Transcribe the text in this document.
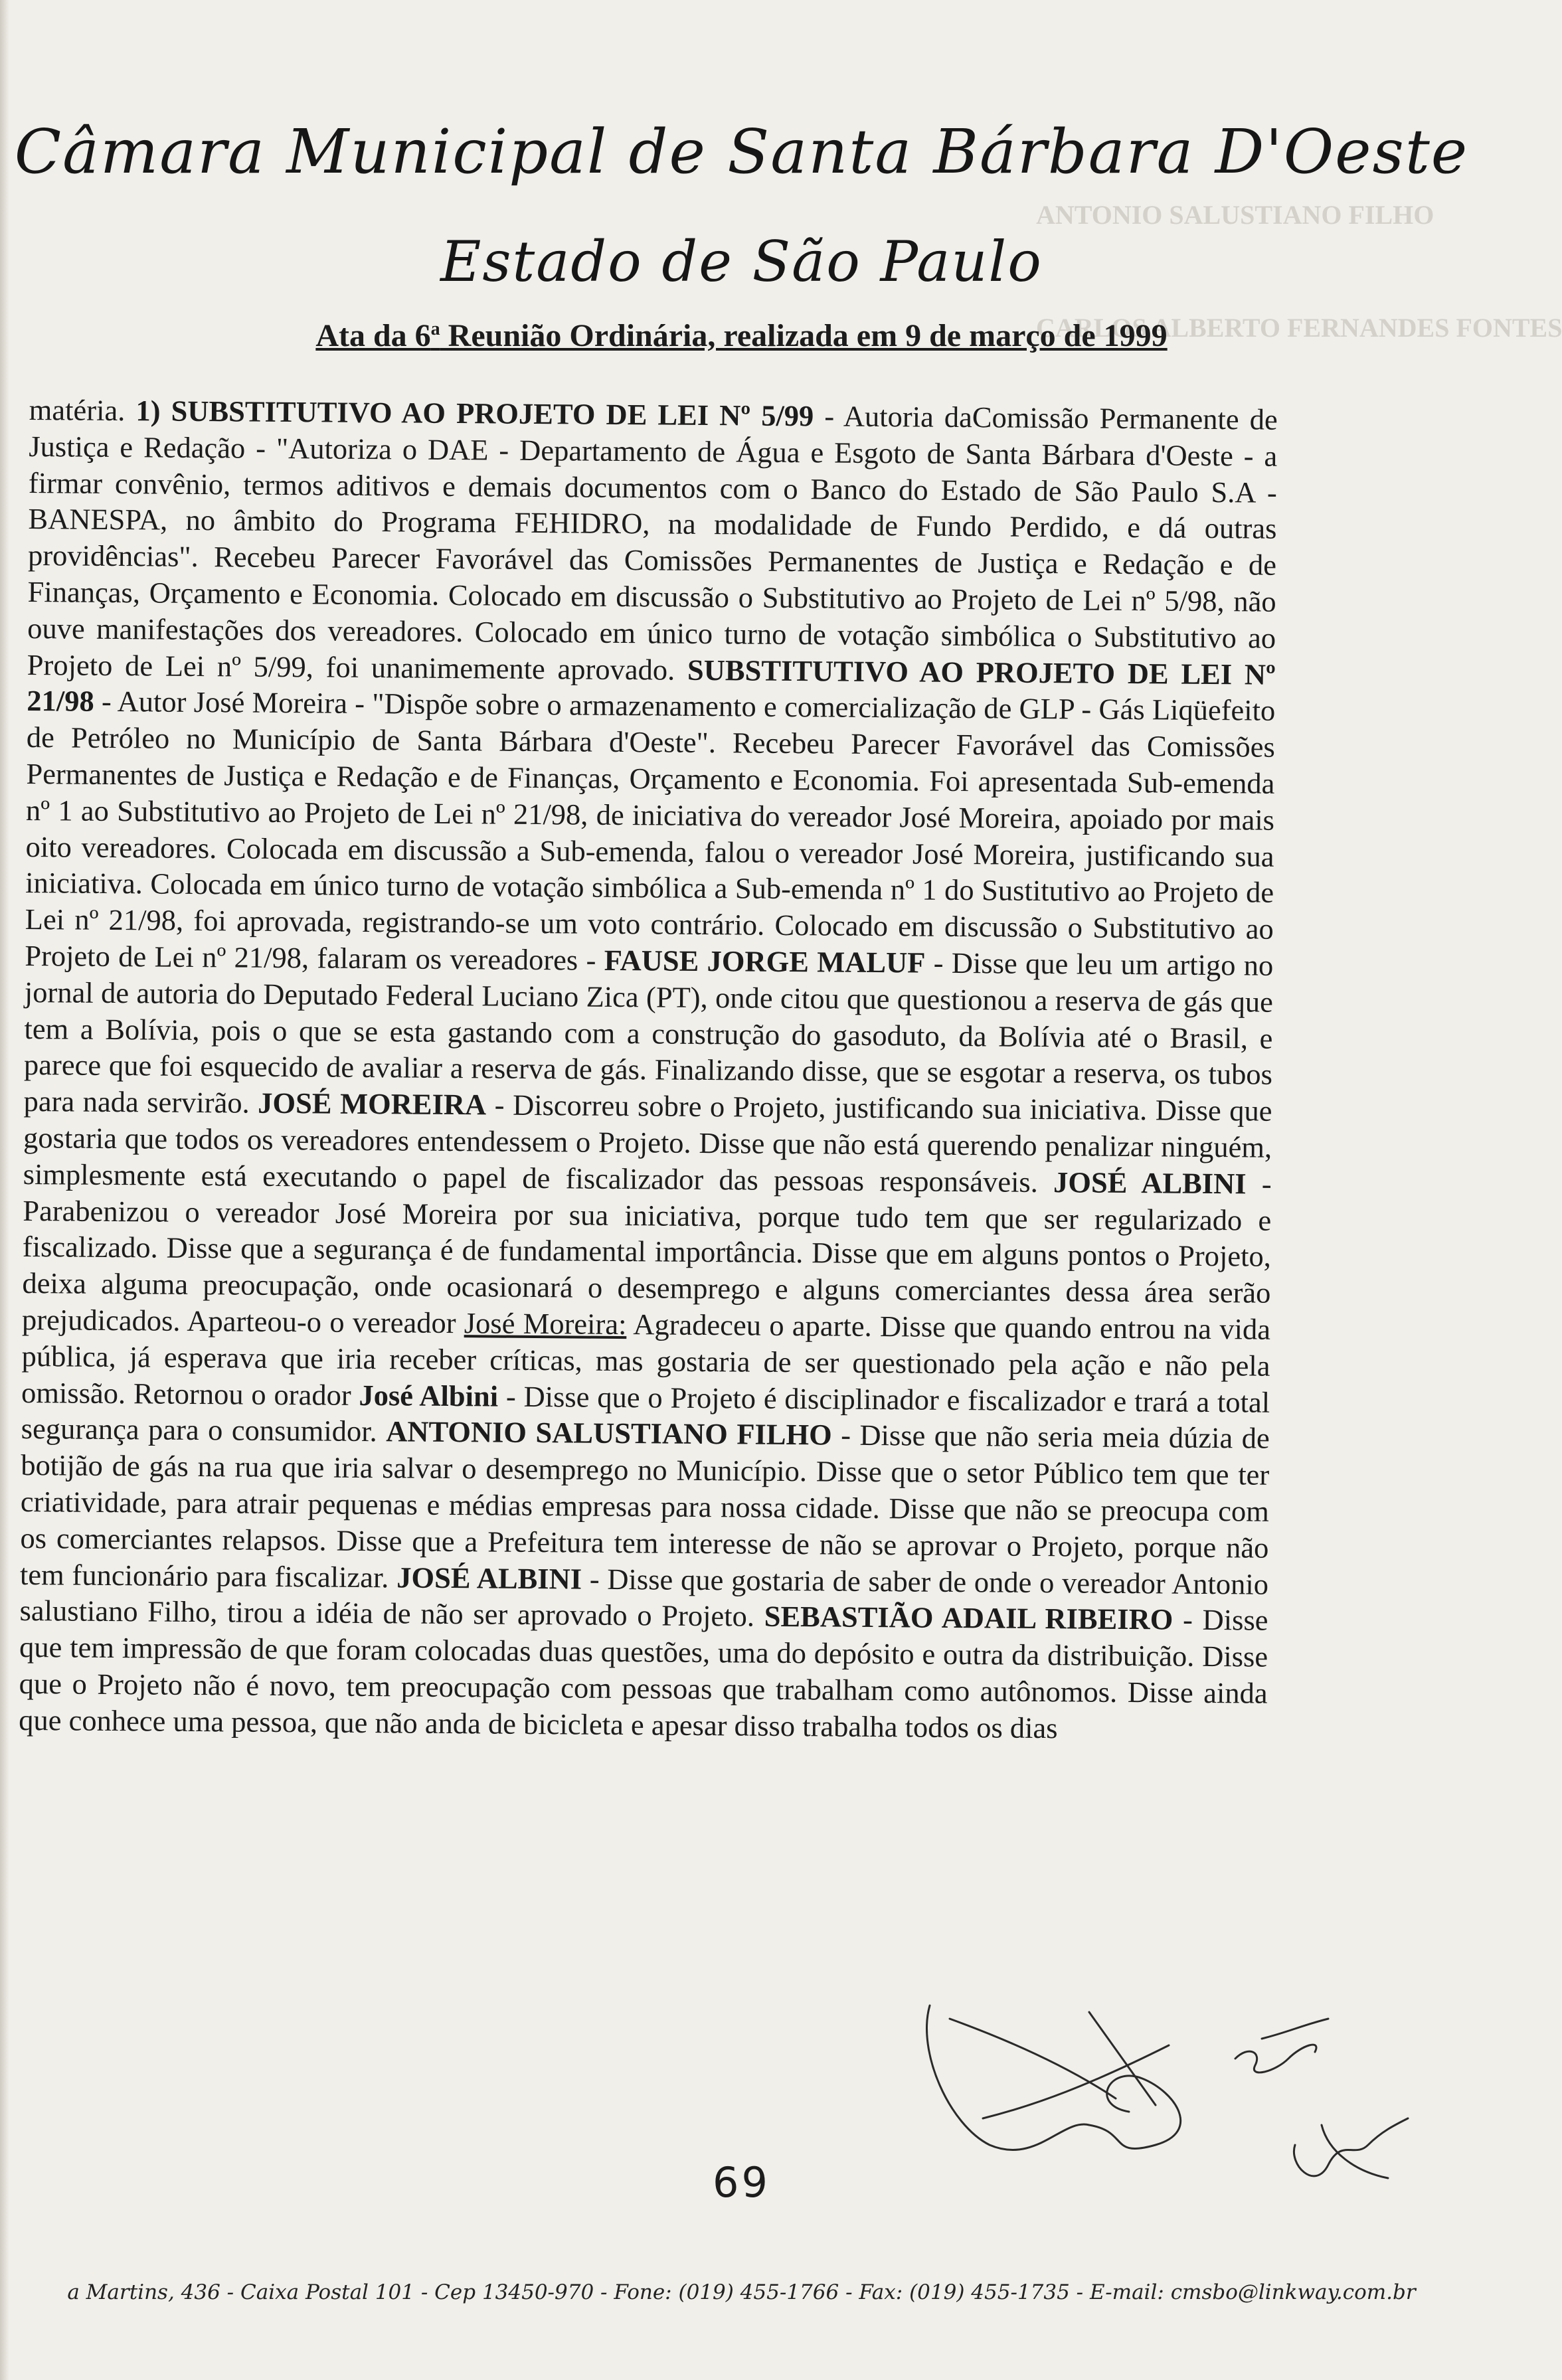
ANTONIO SALUSTIANO FILHO
CARLOS ALBERTO FERNANDES FONTES
Câmara Municipal de Santa Bárbara D'Oeste
Estado de São Paulo
Ata da 6$^a$ Reunião Ordinária, realizada em 9 de março de 1999
matéria. 1) SUBSTITUTIVO AO PROJETO DE LEI Nº 5/99 - Autoria daComissão Permanente de Justiça e Redação - "Autoriza o DAE - Departamento de Água e Esgoto de Santa Bárbara d'Oeste - a firmar convênio, termos aditivos e demais documentos com o Banco do Estado de São Paulo S.A - BANESPA, no âmbito do Programa FEHIDRO, na modalidade de Fundo Perdido, e dá outras providências". Recebeu Parecer Favorável das Comissões Permanentes de Justiça e Redação e de Finanças, Orçamento e Economia. Colocado em discussão o Substitutivo ao Projeto de Lei nº 5/98, não ouve manifestações dos vereadores. Colocado em único turno de votação simbólica o Substitutivo ao Projeto de Lei nº 5/99, foi unanimemente aprovado. SUBSTITUTIVO AO PROJETO DE LEI Nº 21/98 - Autor José Moreira - "Dispõe sobre o armazenamento e comercialização de GLP - Gás Liqüefeito de Petróleo no Município de Santa Bárbara d'Oeste". Recebeu Parecer Favorável das Comissões Permanentes de Justiça e Redação e de Finanças, Orçamento e Economia. Foi apresentada Sub-emenda nº 1 ao Substitutivo ao Projeto de Lei nº 21/98, de iniciativa do vereador José Moreira, apoiado por mais oito vereadores. Colocada em discussão a Sub-emenda, falou o vereador José Moreira, justificando sua iniciativa. Colocada em único turno de votação simbólica a Sub-emenda nº 1 do Sustitutivo ao Projeto de Lei nº 21/98, foi aprovada, registrando-se um voto contrário. Colocado em discussão o Substitutivo ao Projeto de Lei nº 21/98, falaram os vereadores - FAUSE JORGE MALUF - Disse que leu um artigo no jornal de autoria do Deputado Federal Luciano Zica (PT), onde citou que questionou a reserva de gás que tem a Bolívia, pois o que se esta gastando com a construção do gasoduto, da Bolívia até o Brasil, e parece que foi esquecido de avaliar a reserva de gás. Finalizando disse, que se esgotar a reserva, os tubos para nada servirão. JOSÉ MOREIRA - Discorreu sobre o Projeto, justificando sua iniciativa. Disse que gostaria que todos os vereadores entendessem o Projeto. Disse que não está querendo penalizar ninguém, simplesmente está executando o papel de fiscalizador das pessoas responsáveis. JOSÉ ALBINI - Parabenizou o vereador José Moreira por sua iniciativa, porque tudo tem que ser regularizado e fiscalizado. Disse que a segurança é de fundamental importância. Disse que em alguns pontos o Projeto, deixa alguma preocupação, onde ocasionará o desemprego e alguns comerciantes dessa área serão prejudicados. Aparteou-o o vereador José Moreira: Agradeceu o aparte. Disse que quando entrou na vida pública, já esperava que iria receber críticas, mas gostaria de ser questionado pela ação e não pela omissão. Retornou o orador José Albini - Disse que o Projeto é disciplinador e fiscalizador e trará a total segurança para o consumidor. ANTONIO SALUSTIANO FILHO - Disse que não seria meia dúzia de botijão de gás na rua que iria salvar o desemprego no Município. Disse que o setor Público tem que ter criatividade, para atrair pequenas e médias empresas para nossa cidade. Disse que não se preocupa com os comerciantes relapsos. Disse que a Prefeitura tem interesse de não se aprovar o Projeto, porque não tem funcionário para fiscalizar. JOSÉ ALBINI - Disse que gostaria de saber de onde o vereador Antonio salustiano Filho, tirou a idéia de não ser aprovado o Projeto. SEBASTIÃO ADAIL RIBEIRO - Disse que tem impressão de que foram colocadas duas questões, uma do depósito e outra da distribuição. Disse que o Projeto não é novo, tem preocupação com pessoas que trabalham como autônomos. Disse ainda que conhece uma pessoa, que não anda de bicicleta e apesar disso trabalha todos os dias
69
a Martins, 436 - Caixa Postal 101 - Cep 13450-970 - Fone: (019) 455-1766 - Fax: (019) 455-1735 - E-mail: cmsbo@linkway.com.br
